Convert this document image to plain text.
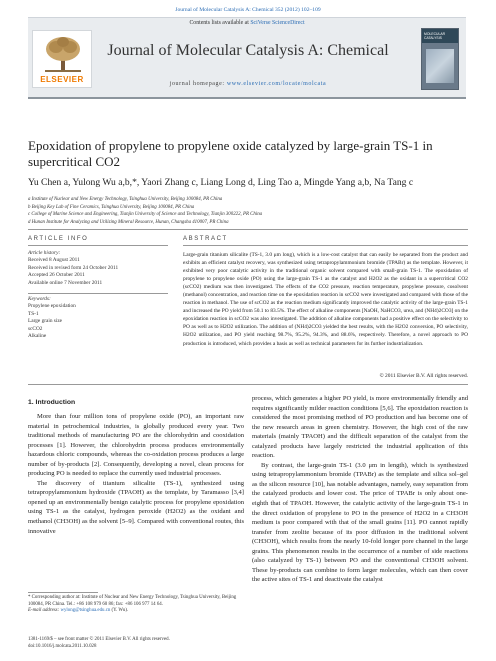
Journal of Molecular Catalysis A: Chemical 352 (2012) 102–109
Contents lists available at SciVerse ScienceDirect
ELSEVIER
Journal of Molecular Catalysis A: Chemical
journal homepage: www.elsevier.com/locate/molcata
MOLECULAR
CATALYSIS
Epoxidation of propylene to propylene oxide catalyzed by large-grain TS-1 in supercritical CO2
Yu Chen a, Yulong Wu a,b,*, Yaori Zhang c, Liang Long d, Ling Tao a, Mingde Yang a,b, Na Tang c
a Institute of Nuclear and New Energy Technology, Tsinghua University, Beijing 100084, PR China
b Beijing Key Lab of Fine Ceramics, Tsinghua University, Beijing 100084, PR China
c College of Marine Science and Engineering, Tianjin University of Science and Technology, Tianjin 300222, PR China
d Hunan Institute for Analyzing and Utilizing Mineral Resource, Hunan, Changsha 410007, PR China
ARTICLE INFO
Article history:
Received 8 August 2011
Received in revised form 24 October 2011
Accepted 26 October 2011
Available online 7 November 2011
Keywords:
Propylene epoxidation
TS-1
Large grain size
scCO2
Alkaline
ABSTRACT
Large-grain titanium silicalite (TS-1, 3.0 μm long), which is a low-cost catalyst that can easily be separated from the product and exhibits an efficient catalyst recovery, was synthesized using tetrapropylammonium bromide (TPABr) as the template. However, it exhibited very poor catalytic activity in the traditional organic solvent compared with small-grain TS-1. The epoxidation of propylene to propylene oxide (PO) using the large-grain TS-1 as the catalyst and H2O2 as the oxidant in a supercritical CO2 (scCO2) medium was then investigated. The effects of the CO2 pressure, reaction temperature, propylene pressure, cosolvent (methanol) concentration, and reaction time on the epoxidation reaction in scCO2 were investigated and compared with those of the reaction in methanol. The use of scCO2 as the reaction medium significantly improved the catalytic activity of the large-grain TS-1 and increased the PO yield from 50.1 to 83.5%. The effect of alkaline components [NaOH, NaHCO3, urea, and (NH4)2CO3] on the epoxidation reaction in scCO2 was also investigated. The addition of alkaline components had a positive effect on the selectivity to PO as well as to H2O2 utilization. The addition of (NH4)2CO3 yielded the best results, with the H2O2 conversion, PO selectivity, H2O2 utilization, and PO yield reaching 98.7%, 95.2%, 94.3%, and 88.6%, respectively. Therefore, a novel approach to PO production is introduced, which provides a basis as well as technical parameters for its further industrialization.
© 2011 Elsevier B.V. All rights reserved.
1. Introduction

More than four million tons of propylene oxide (PO), an important raw material in petrochemical industries, is globally produced every year. Two traditional methods of manufacturing PO are the chlorohydrin and cooxidation processes [1]. However, the chlorohydrin process produces environmentally hazardous chloric compounds, whereas the co-oxidation process produces a large number of by-products [2]. Consequently, developing a novel, clean process for producing PO is needed to replace the currently used industrial processes.

The discovery of titanium silicalite (TS-1), synthesized using tetrapropylammonium hydroxide (TPAOH) as the template, by Taramasso [3,4] opened up an environmentally benign catalytic process for propylene epoxidation using TS-1 as the catalyst, hydrogen peroxide (H2O2) as the oxidant and methanol (CH3OH) as the solvent [5–9]. Compared with conventional routes, this innovative

process, which generates a higher PO yield, is more environmentally friendly and requires significantly milder reaction conditions [5,6]. The epoxidation reaction is considered the most promising method of PO production and has become one of the new research areas in green chemistry. However, the high cost of the raw materials (mainly TPAOH) and the difficult separation of the catalyst from the catalyzed products have largely restricted the industrial application of this reaction.

By contrast, the large-grain TS-1 (3.0 μm in length), which is synthesized using tetrapropylammonium bromide (TPABr) as the template and silica sol–gel as the silicon resource [10], has notable advantages, namely, easy separation from the catalyzed products and lower cost. The price of TPABr is only about one-eighth that of TPAOH. However, the catalytic activity of the large-grain TS-1 in the direct oxidation of propylene to PO in the presence of H2O2 in a CH3OH medium is poor compared with that of the small grains [11]. PO cannot rapidly transfer from zeolite because of its poor diffusion in the traditional solvent (CH3OH), which results from the nearly 10-fold longer pore channel in the large grains. This phenomenon results in the occurrence of a number of side reactions (also catalyzed by TS-1) between PO and the conventional CH3OH solvent. These by-products can combine to form larger molecules, which can then cover the active sites of TS-1 and deactivate the catalyst

* Corresponding author at: Institute of Nuclear and New Energy Technology, Tsinghua University, Beijing 100084, PR China. Tel.: +86 108 979 60 86; fax: +86 106 977 14 64.
E-mail address: wylong@tsinghua.edu.cn (Y. Wu).
1381-1169/$ – see front matter © 2011 Elsevier B.V. All rights reserved.
doi:10.1016/j.molcata.2011.10.028
